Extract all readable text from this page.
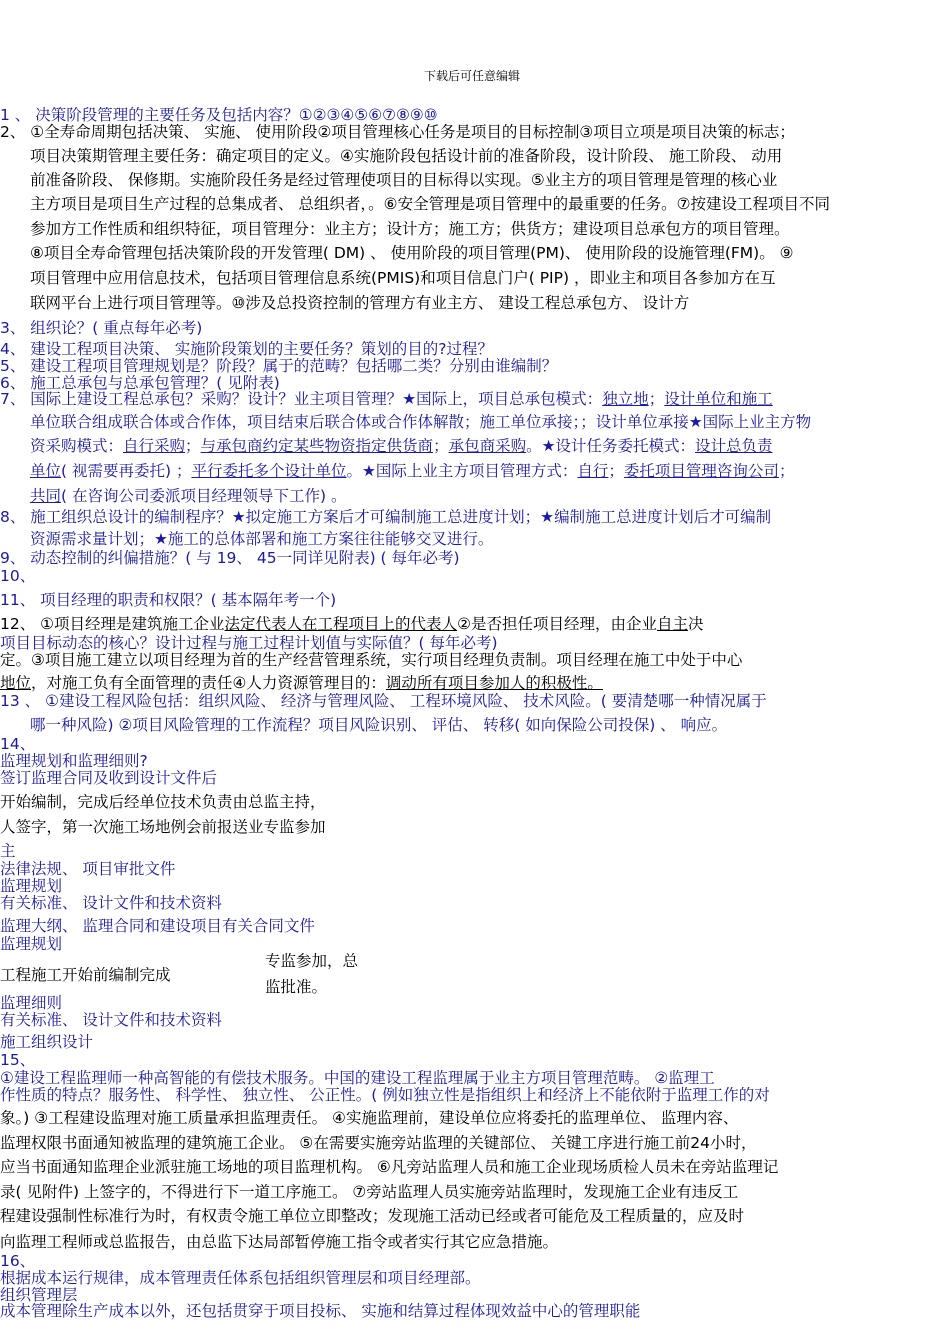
下载后可任意编辑
1 、 决策阶段管理的主要任务及包括内容？①②③④⑤⑥⑦⑧⑨⑩
2、 ①全寿命周期包括决策、 实施、 使用阶段②项目管理核心任务是项目的目标控制③项目立项是项目决策的标志；
项目决策期管理主要任务：确定项目的定义。④实施阶段包括设计前的准备阶段，设计阶段、 施工阶段、 动用
前准备阶段、 保修期。实施阶段任务是经过管理使项目的目标得以实现。⑤业主方的项目管理是管理的核心业
主方项目是项目生产过程的总集成者、 总组织者，。⑥安全管理是项目管理中的最重要的任务。⑦按建设工程项目不同
参加方工作性质和组织特征，项目管理分：业主方；设计方；施工方；供货方；建设项目总承包方的项目管理。
⑧项目全寿命管理包括决策阶段的开发管理( DM) 、 使用阶段的项目管理(PM)、 使用阶段的设施管理(FM)。 ⑨
项目管理中应用信息技术，包括项目管理信息系统(PMIS)和项目信息门户( PIP) ，即业主和项目各参加方在互
联网平台上进行项目管理等。⑩涉及总投资控制的管理方有业主方、 建设工程总承包方、 设计方
3、 组织论？( 重点每年必考)
4、 建设工程项目决策、 实施阶段策划的主要任务？策划的目的?过程？
5、 建设工程项目管理规划是？阶段？属于的范畴？包括哪二类？分别由谁编制？
6、 施工总承包与总承包管理？( 见附表)
7、 国际上建设工程总承包？采购？设计？业主项目管理？★国际上，项目总承包模式：独立地；设计单位和施工
单位联合组成联合体或合作体，项目结束后联合体或合作体解散；施工单位承接；；设计单位承接★国际上业主方物
资采购模式：自行采购；与承包商约定某些物资指定供货商；承包商采购。★设计任务委托模式：设计总负责
单位( 视需要再委托) ；平行委托多个设计单位。★国际上业主方项目管理方式：自行；委托项目管理咨询公司；
共同( 在咨询公司委派项目经理领导下工作) 。
8、 施工组织总设计的编制程序？★拟定施工方案后才可编制施工总进度计划；★编制施工总进度计划后才可编制
资源需求量计划；★施工的总体部署和施工方案往往能够交叉进行。
9、 动态控制的纠偏措施？( 与 19、 45一同详见附表) ( 每年必考)
10、
11、 项目经理的职责和权限？( 基本隔年考一个)
12、 ①项目经理是建筑施工企业法定代表人在工程项目上的代表人②是否担任项目经理，由企业自主决
项目目标动态的核心？设计过程与施工过程计划值与实际值？( 每年必考)
定。③项目施工建立以项目经理为首的生产经营管理系统，实行项目经理负责制。项目经理在施工中处于中心
地位，对施工负有全面管理的责任④人力资源管理目的：调动所有项目参加人的积极性。
13 、 ①建设工程风险包括：组织风险、 经济与管理风险、 工程环境风险、 技术风险。( 要清楚哪一种情况属于
哪一种风险) ②项目风险管理的工作流程？项目风险识别、 评估、 转移( 如向保险公司投保) 、 响应。
14、
监理规划和监理细则?
签订监理合同及收到设计文件后
开始编制，完成后经单位技术负责由总监主持，
人签字，第一次施工场地例会前报送业专监参加
主
法律法规、 项目审批文件
监理规划
有关标准、 设计文件和技术资料
监理大纲、 监理合同和建设项目有关合同文件
监理规划
专监参加，总
工程施工开始前编制完成
监批准。
监理细则
有关标准、 设计文件和技术资料
施工组织设计
15、
①建设工程监理师一种高智能的有偿技术服务。中国的建设工程监理属于业主方项目管理范畴。 ②监理工
作性质的特点？服务性、 科学性、 独立性、 公正性。( 例如独立性是指组织上和经济上不能依附于监理工作的对
象。) ③工程建设监理对施工质量承担监理责任。 ④实施监理前，建设单位应将委托的监理单位、 监理内容、
监理权限书面通知被监理的建筑施工企业。 ⑤在需要实施旁站监理的关键部位、 关键工序进行施工前24小时，
应当书面通知监理企业派驻施工场地的项目监理机构。 ⑥凡旁站监理人员和施工企业现场质检人员未在旁站监理记
录( 见附件) 上签字的，不得进行下一道工序施工。 ⑦旁站监理人员实施旁站监理时，发现施工企业有违反工
程建设强制性标准行为时，有权责令施工单位立即整改；发现施工活动已经或者可能危及工程质量的，应及时
向监理工程师或总监报告，由总监下达局部暂停施工指令或者实行其它应急措施。
16、
根据成本运行规律，成本管理责任体系包括组织管理层和项目经理部。
组织管理层
成本管理除生产成本以外，还包括贯穿于项目投标、 实施和结算过程体现效益中心的管理职能
